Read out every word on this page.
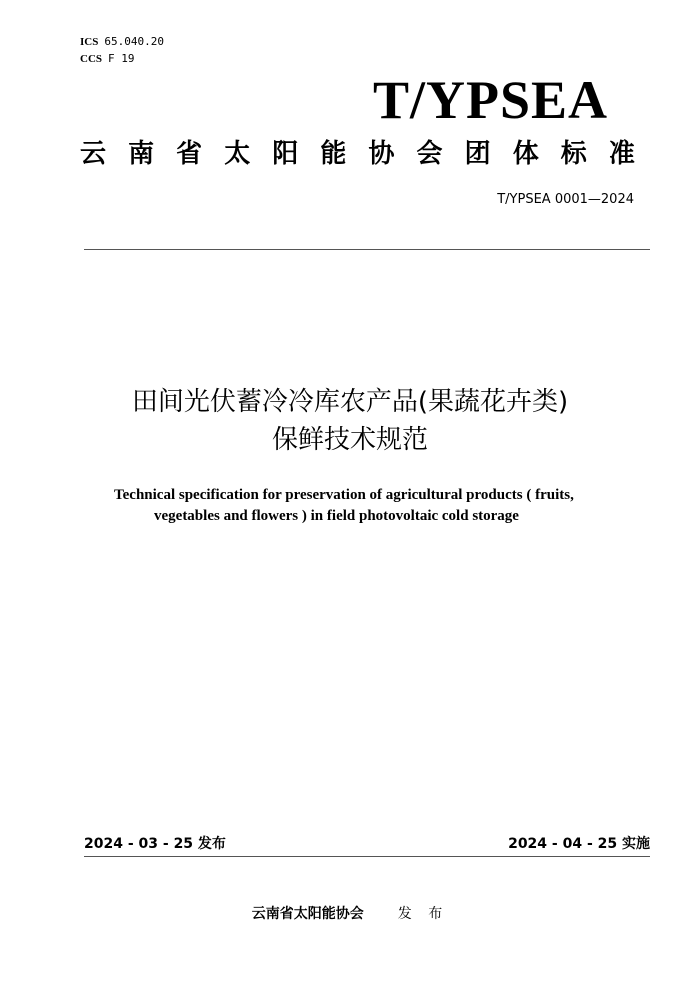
ICS 65.040.20
CCS F 19
T/YPSEA
云 南 省 太 阳 能 协 会 团 体 标 准
T/YPSEA 0001—2024
田间光伏蓄冷冷库农产品(果蔬花卉类)
保鲜技术规范
Technical specification for preservation of agricultural products ( fruits,
vegetables and flowers ) in field photovoltaic cold storage
2024 - 03 - 25 发布	2024 - 04 - 25 实施
云南省太阳能协会 发 布
